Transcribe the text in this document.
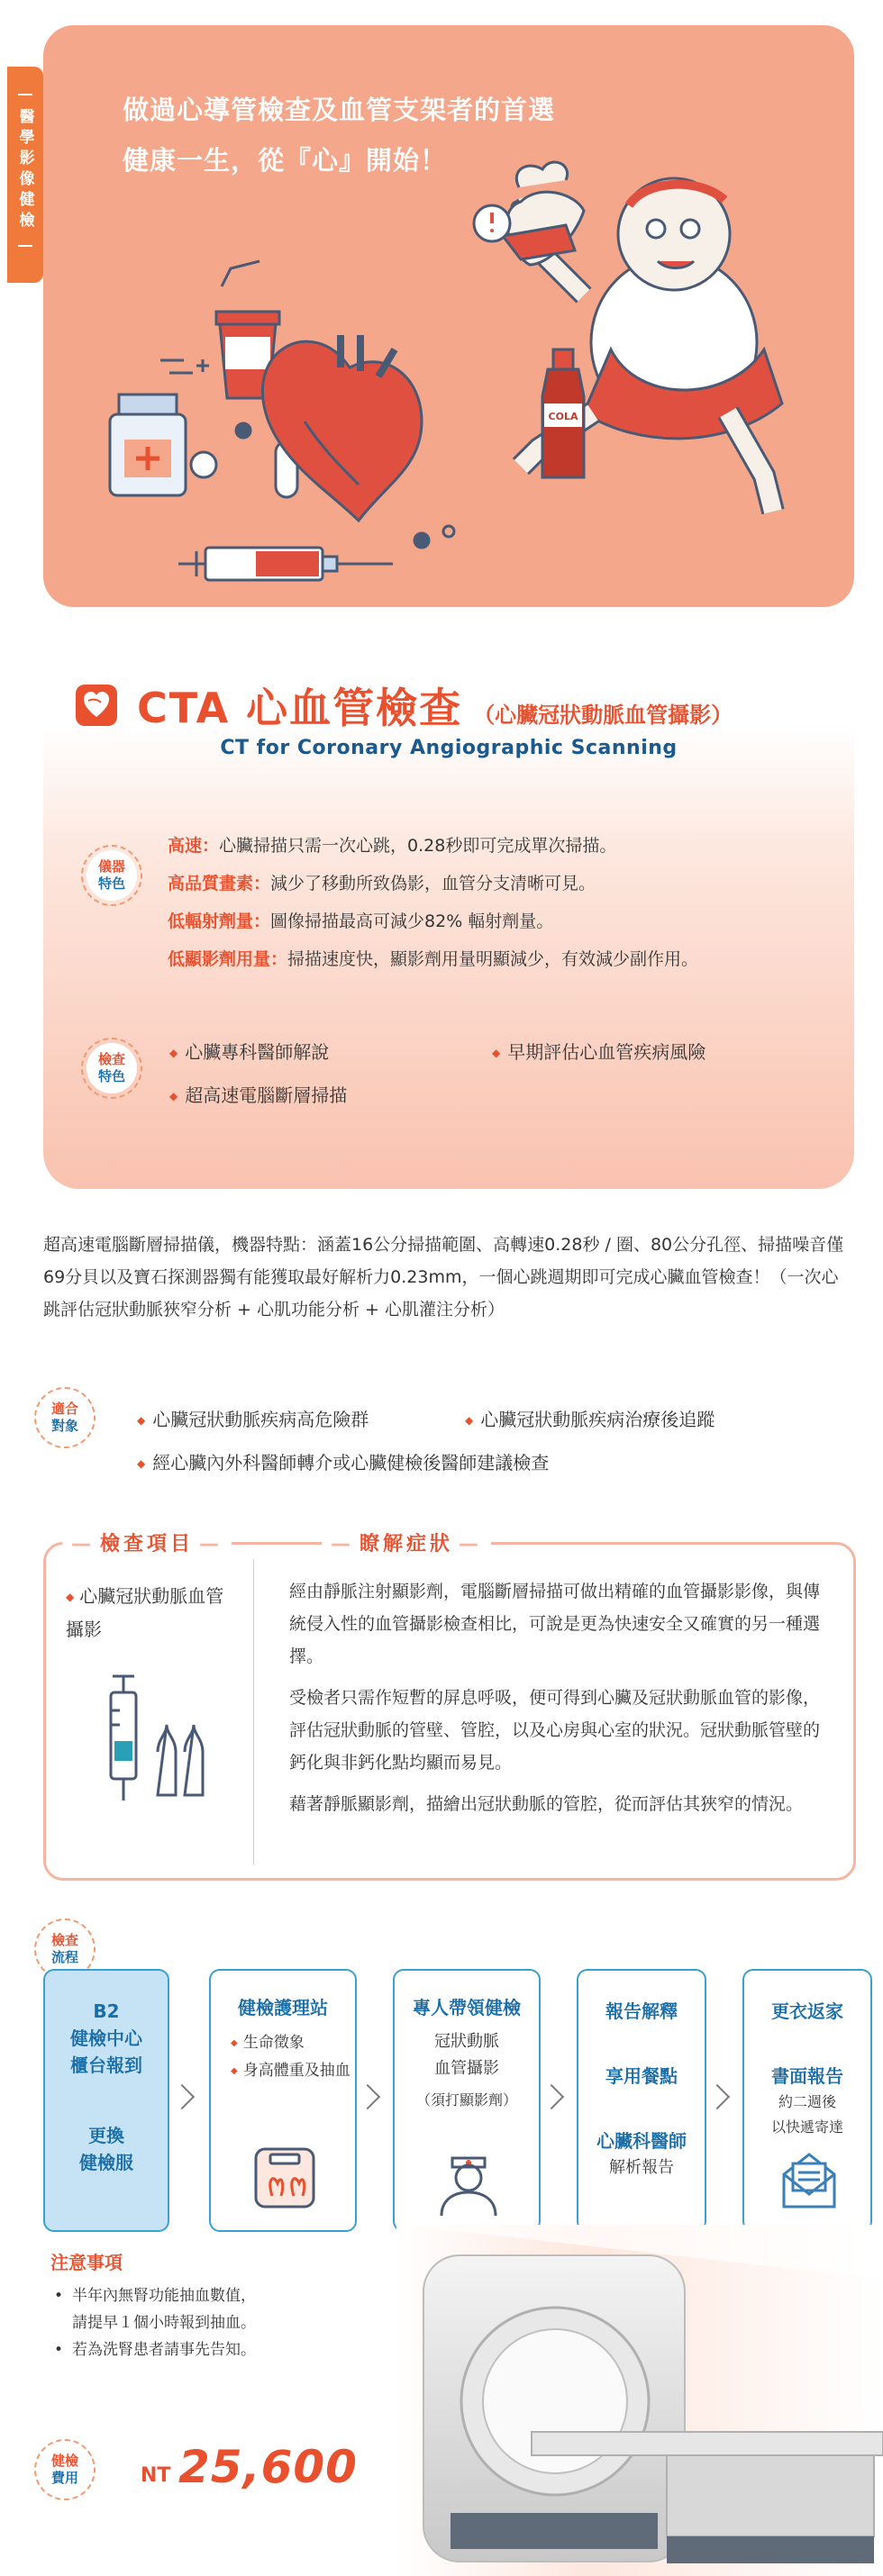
醫學影像健檢	做過心導管檢查及血管支架者的首選
健康一生，從『心』開始！
COLA
CTA 心血管檢查 （心臟冠狀動脈血管攝影）
CT for Coronary Angiographic Scanning
儀器
特色
高速：心臟掃描只需一次心跳，0.28秒即可完成單次掃描。
高品質畫素：減少了移動所致偽影，血管分支清晰可見。
低輻射劑量：圖像掃描最高可減少82% 輻射劑量。
低顯影劑用量：掃描速度快，顯影劑用量明顯減少，有效減少副作用。
檢查
特色
◆ 心臟專科醫師解說	◆ 早期評估心血管疾病風險
◆ 超高速電腦斷層掃描
超高速電腦斷層掃描儀，機器特點：涵蓋16公分掃描範圍、高轉速0.28秒 / 圈、80公分孔徑、掃描噪音僅69分貝以及寶石探測器獨有能獲取最好解析力0.23mm，一個心跳週期即可完成心臟血管檢查！（一次心跳評估冠狀動脈狹窄分析 + 心肌功能分析 + 心肌灌注分析）
適合
對象	◆ 心臟冠狀動脈疾病高危險群	◆ 心臟冠狀動脈疾病治療後追蹤
◆ 經心臟內外科醫師轉介或心臟健檢後醫師建議檢查
— 檢查項目 —	— 瞭解症狀 —
◆ 心臟冠狀動脈血管攝影

經由靜脈注射顯影劑，電腦斷層掃描可做出精確的血管攝影影像，與傳統侵入性的血管攝影檢查相比，可說是更為快速安全又確實的另一種選擇。

受檢者只需作短暫的屏息呼吸，便可得到心臟及冠狀動脈血管的影像，評估冠狀動脈的管壁、管腔，以及心房與心室的狀況。冠狀動脈管壁的鈣化與非鈣化點均顯而易見。

藉著靜脈顯影劑，描繪出冠狀動脈的管腔，從而評估其狹窄的情況。

檢查
流程
B2
健檢中心
櫃台報到
更換
健檢服
健檢護理站
◆ 生命徵象
◆ 身高體重及抽血
專人帶領健檢
冠狀動脈
血管攝影
（須打顯影劑）
報告解釋
享用餐點
心臟科醫師
解析報告
更衣返家
書面報告
約二週後
以快遞寄達
注意事項
• 半年內無腎功能抽血數值，
請提早１個小時報到抽血。
• 若為洗腎患者請事先告知。
健檢
費用	NT 25,600
